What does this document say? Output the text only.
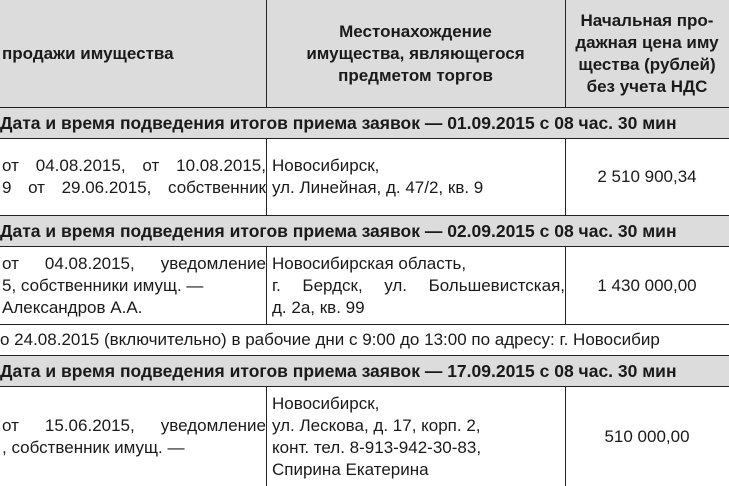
продажи имущества
Местонахождение
имущества, являющегося
предметом торгов
Начальная про-
дажная цена иму
щества (рублей)
без учета НДС
Дата и время подведения итогов приема заявок — 01.09.2015 с 08 час. 30 мин
от 04.08.2015, от 10.08.2015,
9 от 29.06.2015, собственник
Новосибирск,
ул. Линейная, д. 47/2, кв. 9
2 510 900,34
Дата и время подведения итогов приема заявок — 02.09.2015 с 08 час. 30 мин
от 04.08.2015, уведомление
5, собственники имущ. —
Александров А.А.
Новосибирская область,
г. Бердск, ул. Большевистская,
д. 2а, кв. 99
1 430 000,00
о 24.08.2015 (включительно) в рабочие дни с 9:00 до 13:00 по адресу: г. Новосибир
Дата и время подведения итогов приема заявок — 17.09.2015 с 08 час. 30 мин
от 15.06.2015, уведомление
, собственник имущ. —
Новосибирск,
ул. Лескова, д. 17, корп. 2,
конт. тел. 8-913-942-30-83,
Спирина Екатерина
510 000,00
